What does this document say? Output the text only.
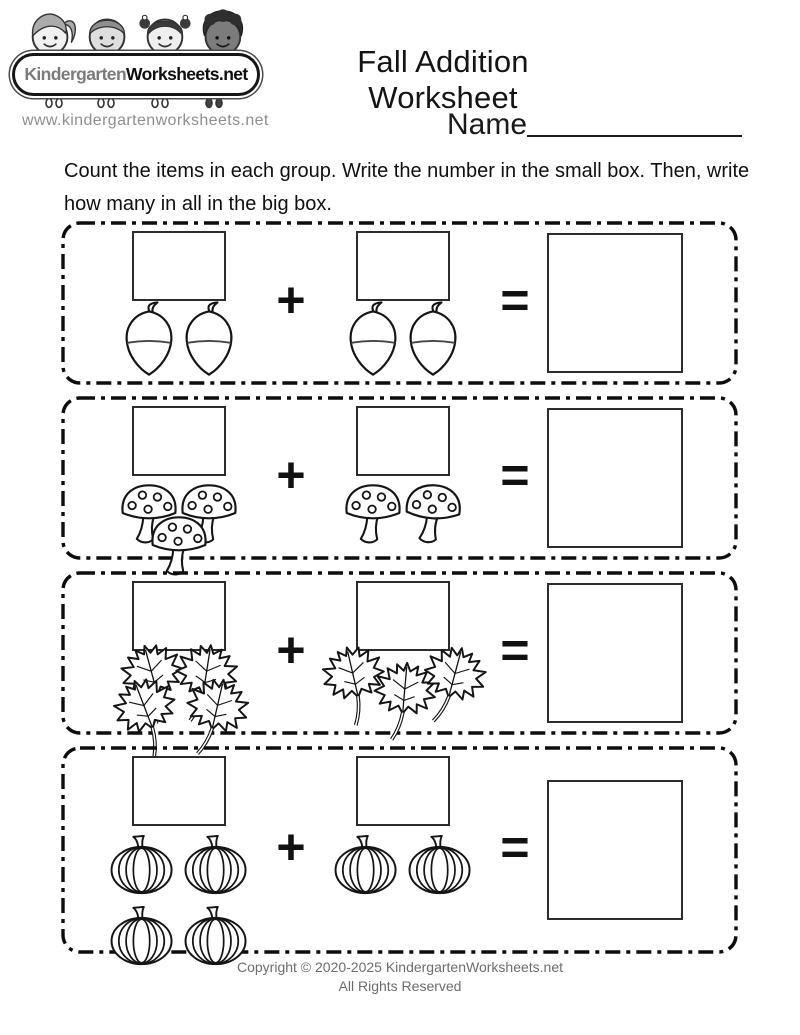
KindergartenWorksheets.net
www.kindergartenworksheets.net
Fall Addition Worksheet
Name

Count the items in each group. Write the number in the small box. Then, write how many in all in the big box.

+	=
+	=
+	=
+	=
Copyright © 2020-2025 KindergartenWorksheets.net
All Rights Reserved
